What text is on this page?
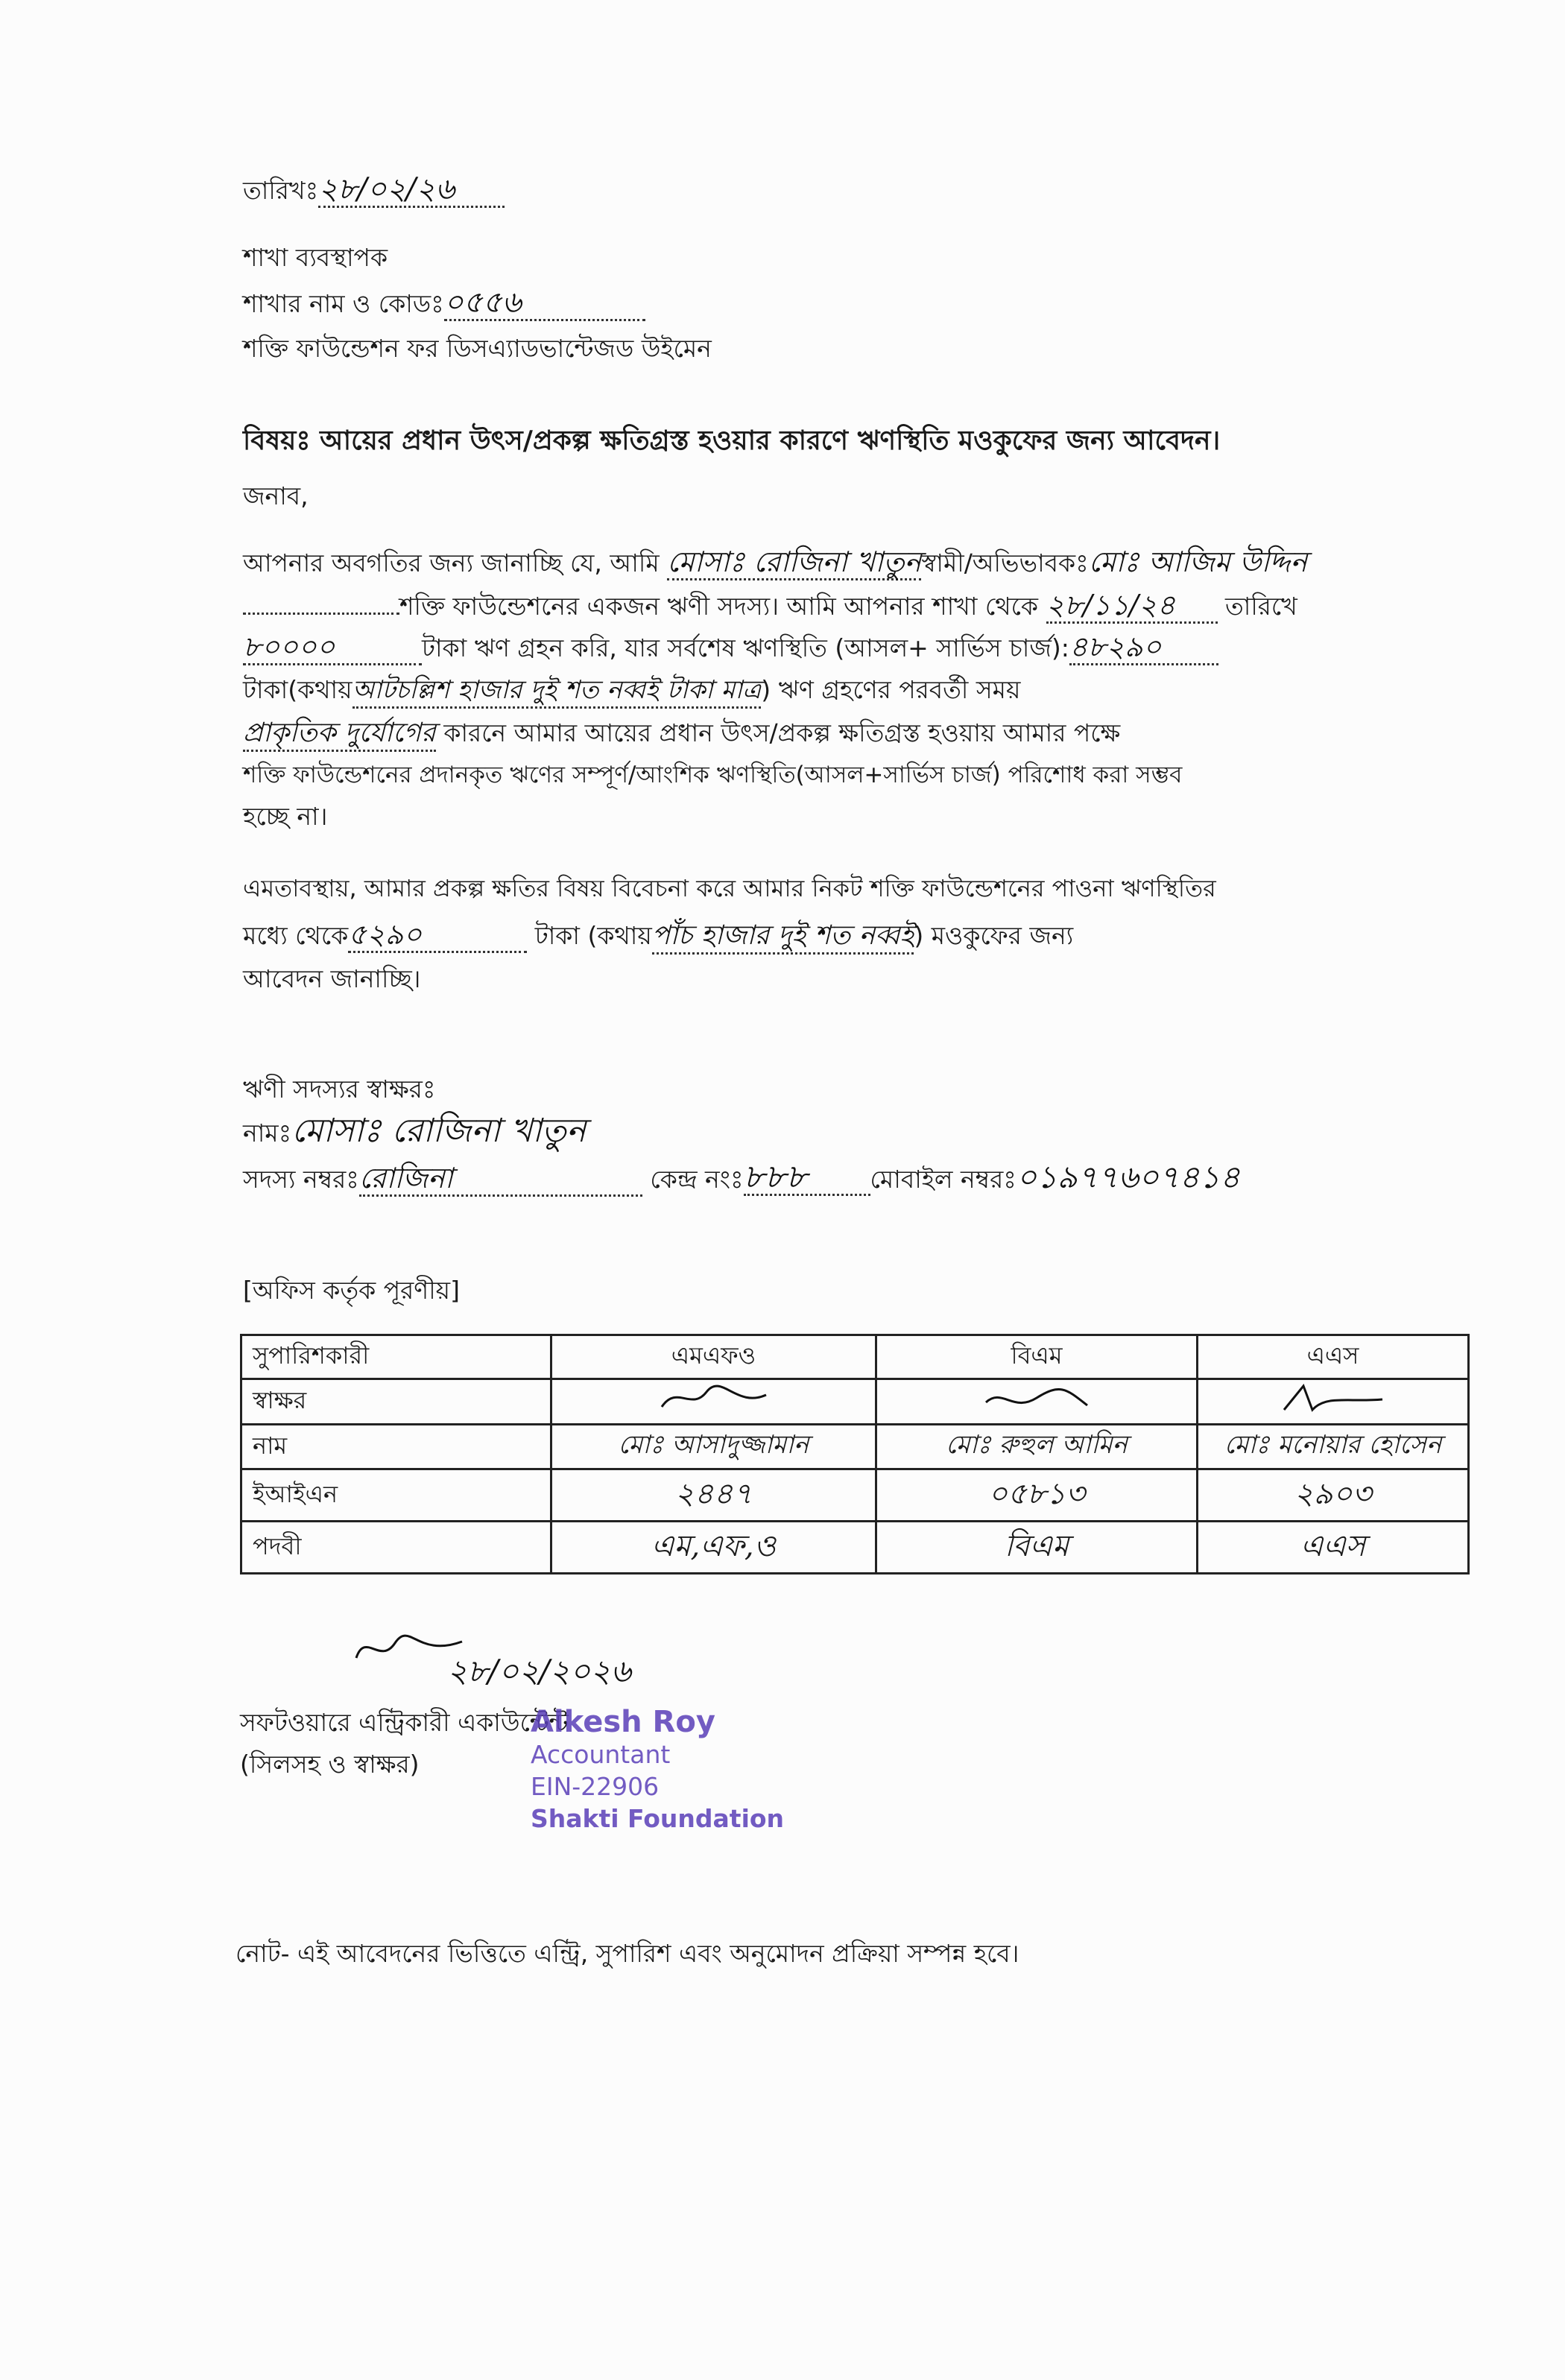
তারিখঃ২৮/০২/২৬
শাখা ব্যবস্থাপক
শাখার নাম ও কোডঃ০৫৫৬
শক্তি ফাউন্ডেশন ফর ডিসএ্যাডভান্টেজড উইমেন
বিষয়ঃ আয়ের প্রধান উৎস/প্রকল্প ক্ষতিগ্রস্ত হওয়ার কারণে ঋণস্থিতি মওকুফের জন্য আবেদন।
জনাব,
আপনার অবগতির জন্য জানাচ্ছি যে, আমি মোসাঃ রোজিনা খাতুনস্বামী/অভিভাবকঃমোঃ আজিম উদ্দিন
শক্তি ফাউন্ডেশনের একজন ঋণী সদস্য। আমি আপনার শাখা থেকে ২৮/১১/২৪ তারিখে
৮০০০০	টাকা ঋণ গ্রহন করি, যার সর্বশেষ ঋণস্থিতি (আসল+ সার্ভিস চার্জ):৪৮২৯০
টাকা(কথায়আটচল্লিশ হাজার দুই শত নব্বই টাকা মাত্র) ঋণ গ্রহণের পরবর্তী সময়
প্রাকৃতিক দুর্যোগের কারনে আমার আয়ের প্রধান উৎস/প্রকল্প ক্ষতিগ্রস্ত হওয়ায় আমার পক্ষে
শক্তি ফাউন্ডেশনের প্রদানকৃত ঋণের সম্পূর্ণ/আংশিক ঋণস্থিতি(আসল+সার্ভিস চার্জ) পরিশোধ করা সম্ভব
হচ্ছে না।
এমতাবস্থায়, আমার প্রকল্প ক্ষতির বিষয় বিবেচনা করে আমার নিকট শক্তি ফাউন্ডেশনের পাওনা ঋণস্থিতির
মধ্যে থেকে৫২৯০	টাকা (কথায়পাঁচ হাজার দুই শত নব্বই) মওকুফের জন্য
আবেদন জানাচ্ছি।
ঋণী সদস্যর স্বাক্ষরঃ
নামঃমোসাঃ রোজিনা খাতুন
সদস্য নম্বরঃরোজিনা	কেন্দ্র নংঃ৮৮৮	মোবাইল নম্বরঃ০১৯৭৭৬০৭৪১৪
[অফিস কর্তৃক পূরণীয়]
সুপারিশকারী	এমএফও	বিএম	এএস
স্বাক্ষর			
নাম	মোঃ আসাদুজ্জামান	মোঃ রুহুল আমিন	মোঃ মনোয়ার হোসেন
ইআইএন	২৪৪৭	০৫৮১৩	২৯০৩
পদবী	এম,এফ,ও	বিএম	এএস
২৮/০২/২০২৬
সফটওয়ারে এন্ট্রিকারী একাউন্টেন্ট
(সিলসহ ও স্বাক্ষর)
Alkesh Roy
Accountant
EIN-22906
Shakti Foundation
নোট- এই আবেদনের ভিত্তিতে এন্ট্রি, সুপারিশ এবং অনুমোদন প্রক্রিয়া সম্পন্ন হবে।
